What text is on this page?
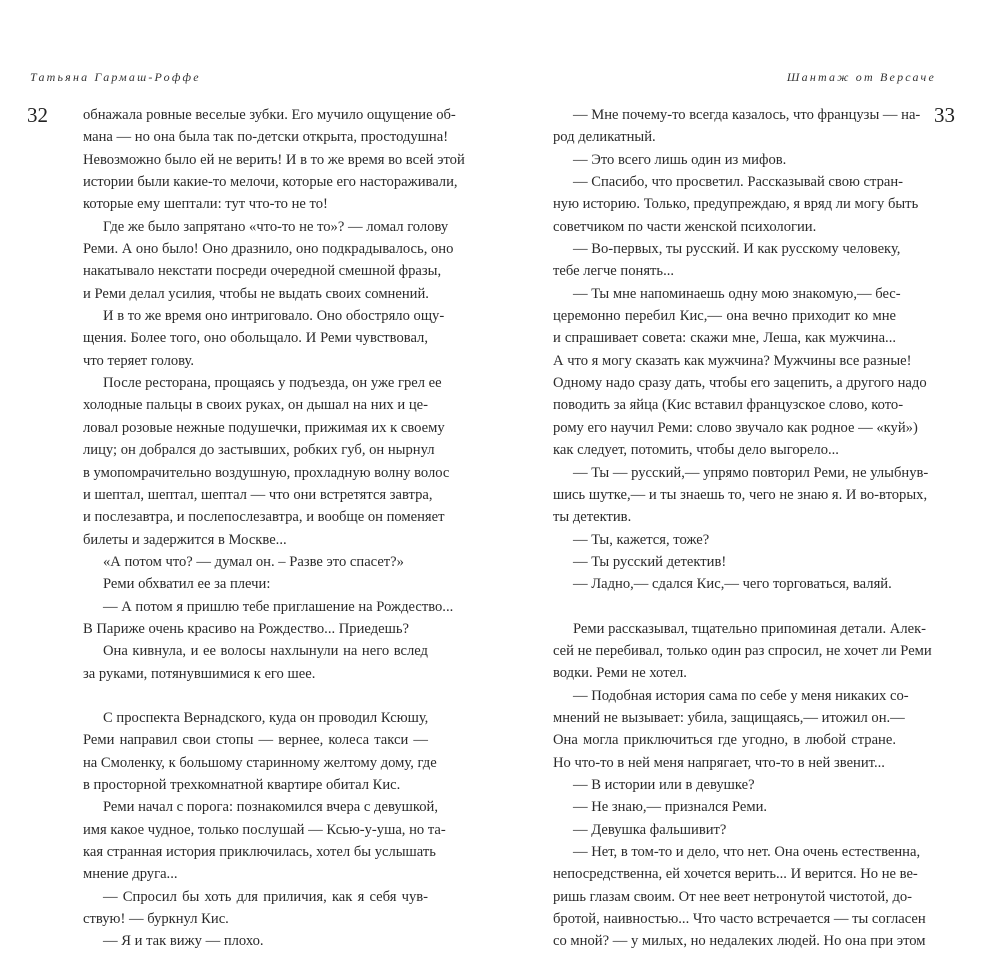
Татьяна Гармаш-Роффе	Шантаж от Версаче
32	33
обнажала ровные веселые зубки. Его мучило ощущение об-
мана — но она была так по-детски открыта, простодушна!
Невозможно было ей не верить! И в то же время во всей этой
истории были какие-то мелочи, которые его настораживали,
которые ему шептали: тут что-то не то!
Где же было запрятано «что-то не то»? — ломал голову
Реми. А оно было! Оно дразнило, оно подкрадывалось, оно
накатывало некстати посреди очередной смешной фразы,
и Реми делал усилия, чтобы не выдать своих сомнений.
И в то же время оно интриговало. Оно обостряло ощу-
щения. Более того, оно обольщало. И Реми чувствовал,
что теряет голову.
После ресторана, прощаясь у подъезда, он уже грел ее
холодные пальцы в своих руках, он дышал на них и це-
ловал розовые нежные подушечки, прижимая их к своему
лицу; он добрался до застывших, робких губ, он нырнул
в умопомрачительно воздушную, прохладную волну волос
и шептал, шептал, шептал — что они встретятся завтра,
и послезавтра, и послепослезавтра, и вообще он поменяет
билеты и задержится в Москве...
«А потом что? — думал он. – Разве это спасет?»
Реми обхватил ее за плечи:
— А потом я пришлю тебе приглашение на Рождество...
В Париже очень красиво на Рождество... Приедешь?
Она кивнула, и ее волосы нахлынули на него вслед
за руками, потянувшимися к его шее.
С проспекта Вернадского, куда он проводил Ксюшу,
Реми направил свои стопы — вернее, колеса такси —
на Смоленку, к большому старинному желтому дому, где
в просторной трехкомнатной квартире обитал Кис.
Реми начал с порога: познакомился вчера с девушкой,
имя какое чудное, только послушай — Ксью-у-уша, но та-
кая странная история приключилась, хотел бы услышать
мнение друга...
— Спросил бы хоть для приличия, как я себя чув-
ствую! — буркнул Кис.
— Я и так вижу — плохо.
— Мне почему-то всегда казалось, что французы — на-
род деликатный.
— Это всего лишь один из мифов.
— Спасибо, что просветил. Рассказывай свою стран-
ную историю. Только, предупреждаю, я вряд ли могу быть
советчиком по части женской психологии.
— Во-первых, ты русский. И как русскому человеку,
тебе легче понять...
— Ты мне напоминаешь одну мою знакомую,— бес-
церемонно перебил Кис,— она вечно приходит ко мне
и спрашивает совета: скажи мне, Леша, как мужчина...
А что я могу сказать как мужчина? Мужчины все разные!
Одному надо сразу дать, чтобы его зацепить, а другого надо
поводить за яйца (Кис вставил французское слово, кото-
рому его научил Реми: слово звучало как родное — «куй»)
как следует, потомить, чтобы дело выгорело...
— Ты — русский,— упрямо повторил Реми, не улыбнув-
шись шутке,— и ты знаешь то, чего не знаю я. И во-вторых,
ты детектив.
— Ты, кажется, тоже?
— Ты русский детектив!
— Ладно,— сдался Кис,— чего торговаться, валяй.
Реми рассказывал, тщательно припоминая детали. Алек-
сей не перебивал, только один раз спросил, не хочет ли Реми
водки. Реми не хотел.
— Подобная история сама по себе у меня никаких со-
мнений не вызывает: убила, защищаясь,— итожил он.—
Она могла приключиться где угодно, в любой стране.
Но что-то в ней меня напрягает, что-то в ней звенит...
— В истории или в девушке?
— Не знаю,— признался Реми.
— Девушка фальшивит?
— Нет, в том-то и дело, что нет. Она очень естественна,
непосредственна, ей хочется верить... И верится. Но не ве-
ришь глазам своим. От нее веет нетронутой чистотой, до-
бротой, наивностью... Что часто встречается — ты согласен
со мной? — у милых, но недалеких людей. Но она при этом
